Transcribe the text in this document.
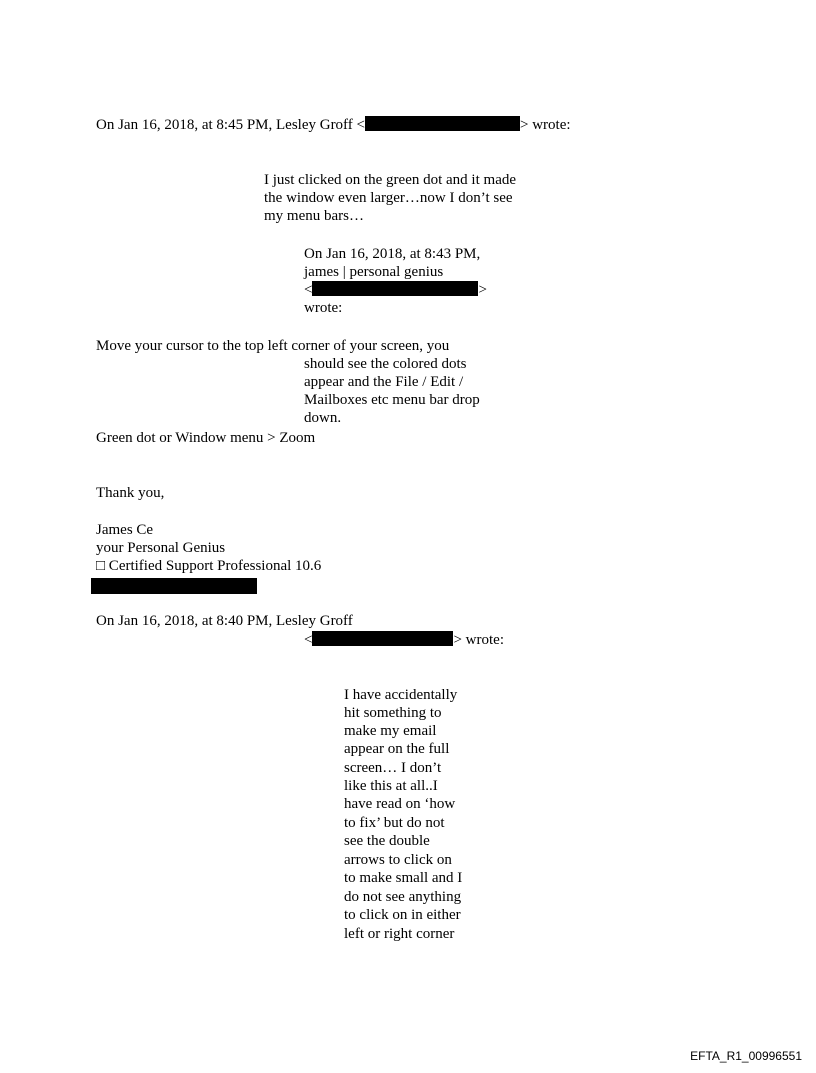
On Jan 16, 2018, at 8:45 PM, Lesley Groff <	> wrote:
I just clicked on the green dot and it made
the window even larger…now I don’t see
my menu bars…
On Jan 16, 2018, at 8:43 PM,
james | personal genius
<	>
wrote:
Move your cursor to the top left corner of your screen, you
should see the colored dots
appear and the File / Edit /
Mailboxes etc menu bar drop
down.
Green dot or Window menu > Zoom
Thank you,
James Ce
your Personal Genius
□ Certified Support Professional 10.6
On Jan 16, 2018, at 8:40 PM, Lesley Groff
<	> wrote:
I have accidentally
hit something to
make my email
appear on the full
screen… I don’t
like this at all..I
have read on ‘how
to fix’ but do not
see the double
arrows to click on
to make small and I
do not see anything
to click on in either
left or right corner
EFTA_R1_00996551
